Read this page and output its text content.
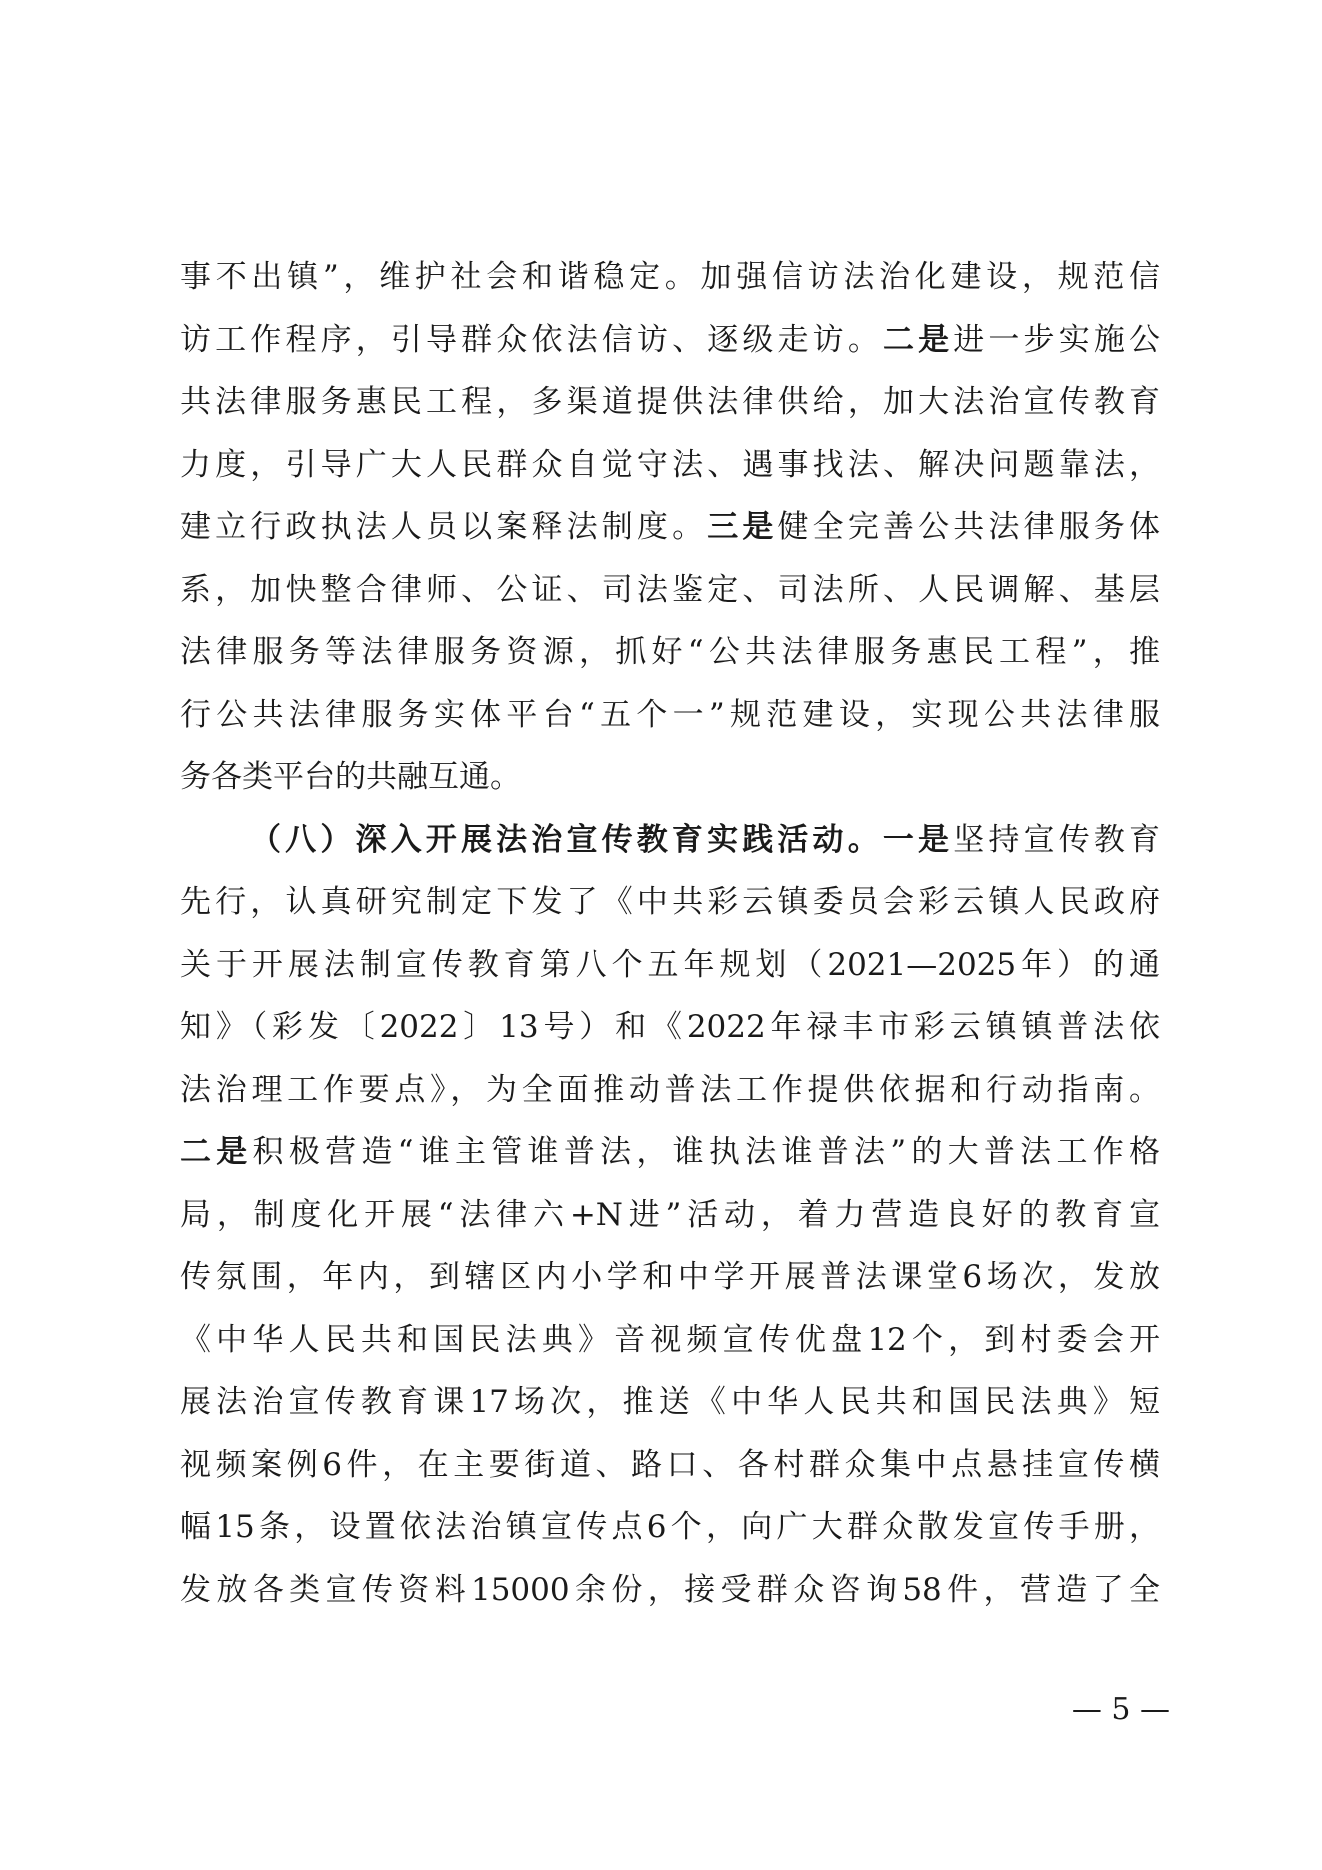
事不出镇”，维护社会和谐稳定。加强信访法治化建设，规范信
访工作程序，引导群众依法信访、逐级走访。二是进一步实施公
共法律服务惠民工程，多渠道提供法律供给，加大法治宣传教育
力度，引导广大人民群众自觉守法、遇事找法、解决问题靠法，
建立行政执法人员以案释法制度。三是健全完善公共法律服务体
系，加快整合律师、公证、司法鉴定、司法所、人民调解、基层
法律服务等法律服务资源，抓好“公共法律服务惠民工程”，推
行公共法律服务实体平台“五个一”规范建设，实现公共法律服
务各类平台的共融互通。
（八）深入开展法治宣传教育实践活动。一是坚持宣传教育
先行，认真研究制定下发了《中共彩云镇委员会彩云镇人民政府
关于开展法制宣传教育第八个五年规划（2021—2025年）的通
知》（彩发〔2022〕13号）和《2022年禄丰市彩云镇镇普法依
法治理工作要点》，为全面推动普法工作提供依据和行动指南。
二是积极营造“谁主管谁普法，谁执法谁普法”的大普法工作格
局，制度化开展“法律六+N进”活动，着力营造良好的教育宣
传氛围，年内，到辖区内小学和中学开展普法课堂6场次，发放
《中华人民共和国民法典》音视频宣传优盘12个，到村委会开
展法治宣传教育课17场次，推送《中华人民共和国民法典》短
视频案例6件，在主要街道、路口、各村群众集中点悬挂宣传横
幅15条，设置依法治镇宣传点6个，向广大群众散发宣传手册，
发放各类宣传资料15000余份，接受群众咨询58件，营造了全
— 5 —
